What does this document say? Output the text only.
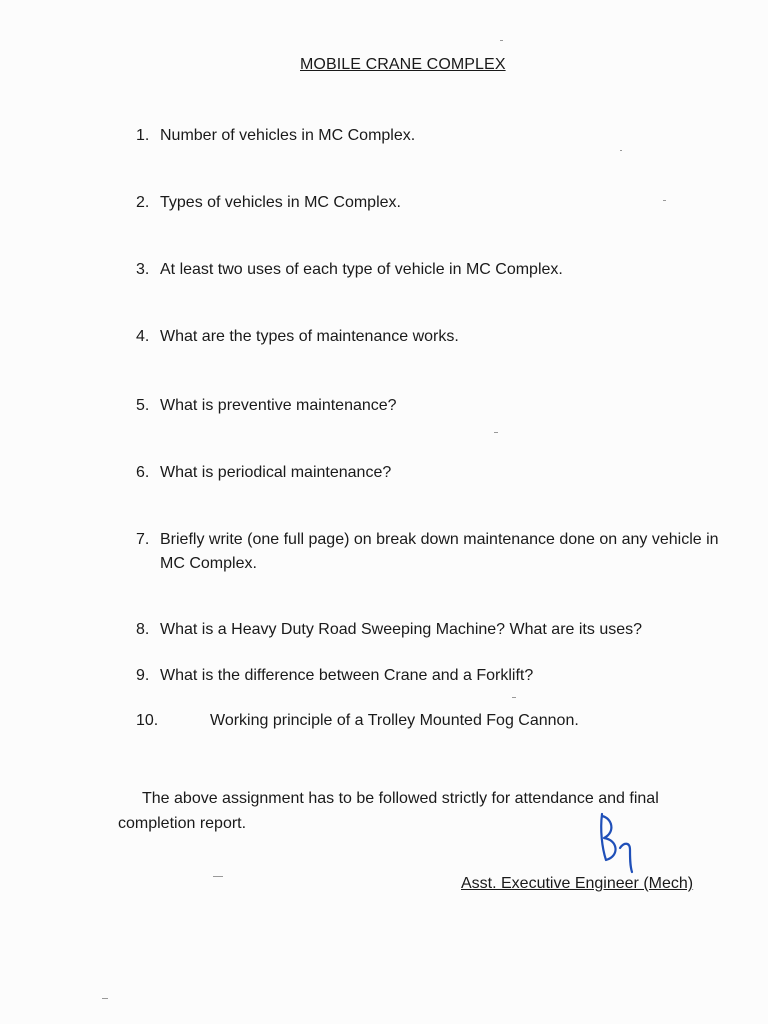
MOBILE CRANE COMPLEX
1. Number of vehicles in MC Complex.
2. Types of vehicles in MC Complex.
3. At least two uses of each type of vehicle in MC Complex.
4. What are the types of maintenance works.
5. What is preventive maintenance?
6. What is periodical maintenance?
7. Briefly write (one full page) on break down maintenance done on any vehicle in MC Complex.
8. What is a Heavy Duty Road Sweeping Machine? What are its uses?
9. What is the difference between Crane and a Forklift?
10.	Working principle of a Trolley Mounted Fog Cannon.
The above assignment has to be followed strictly for attendance and final completion report.
Asst. Executive Engineer (Mech)
